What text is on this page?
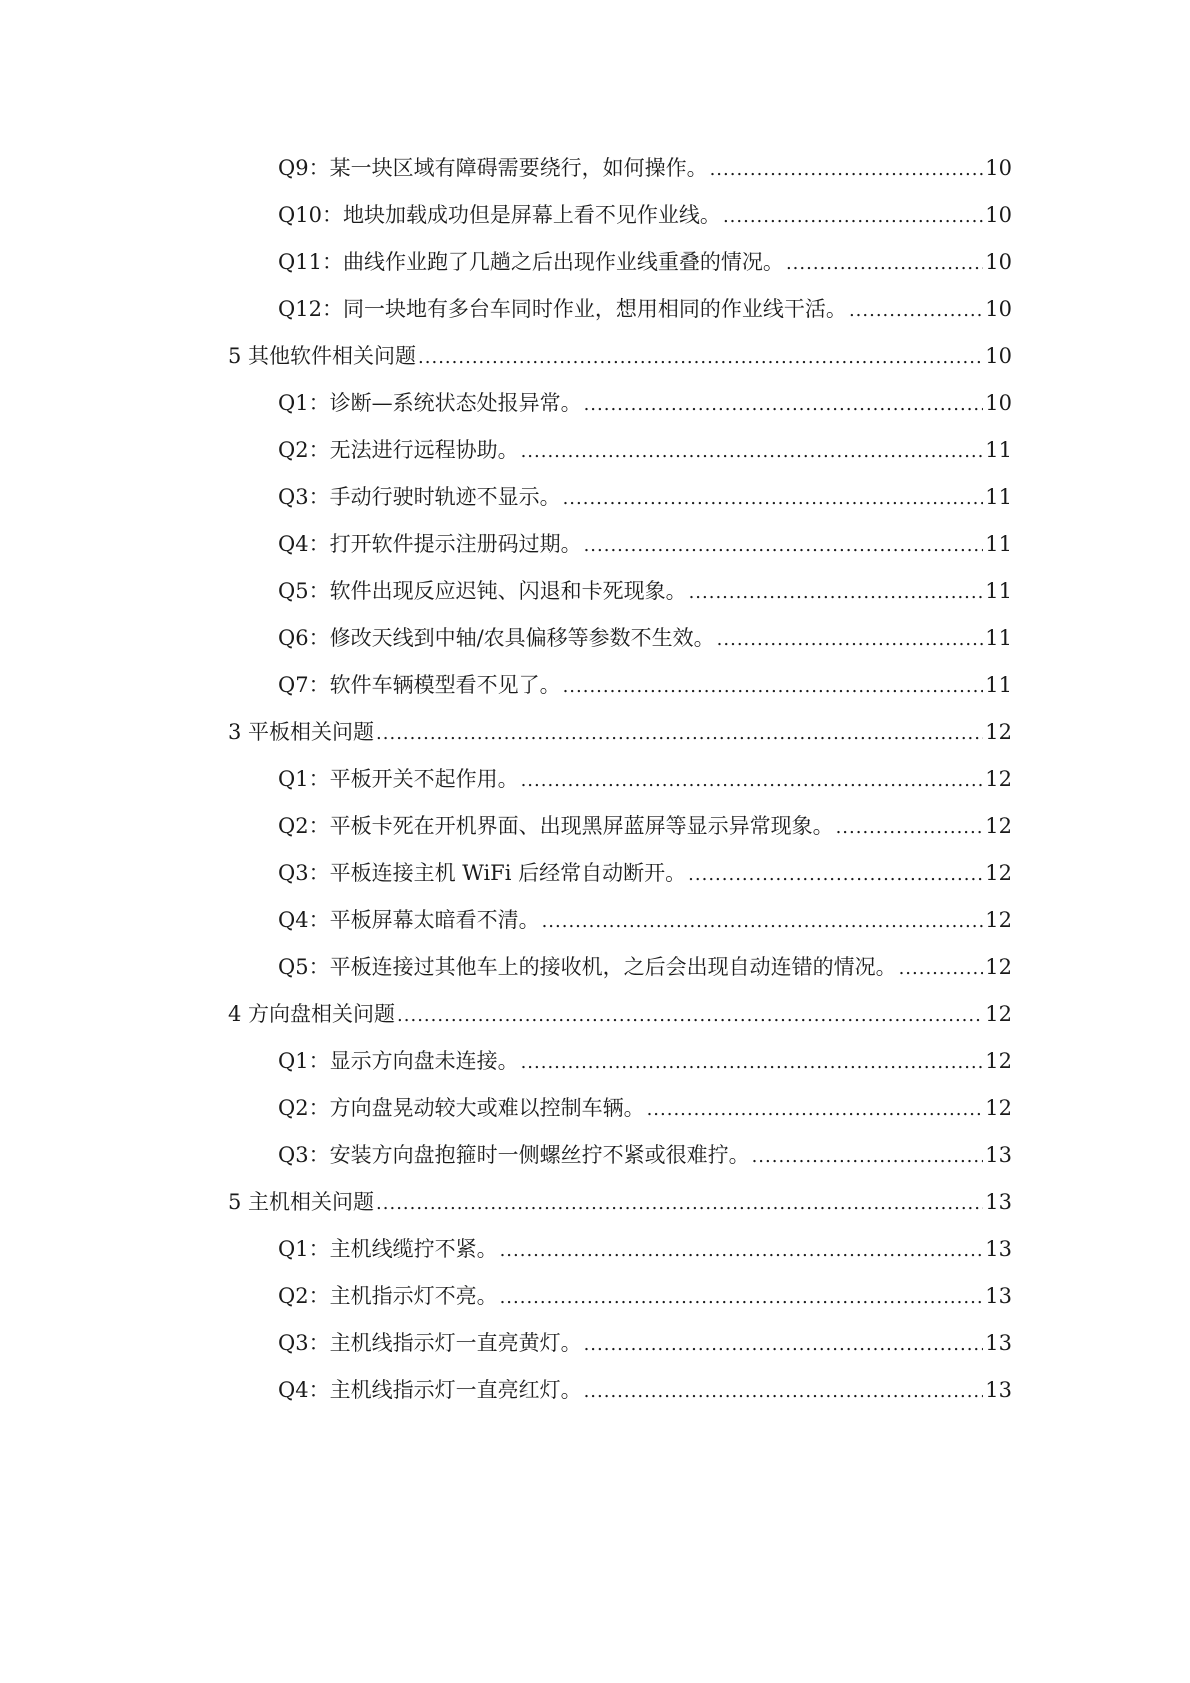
Q9：某一块区域有障碍需要绕行，如何操作。 .....	10
Q10：地块加载成功但是屏幕上看不见作业线。 .....	10
Q11：曲线作业跑了几趟之后出现作业线重叠的情况。 .....	10
Q12：同一块地有多台车同时作业，想用相同的作业线干活。 .....	10
5 其他软件相关问题 .....	10
Q1：诊断—系统状态处报异常。 .....	10
Q2：无法进行远程协助。 .....	11
Q3：手动行驶时轨迹不显示。 .....	11
Q4：打开软件提示注册码过期。 .....	11
Q5：软件出现反应迟钝、闪退和卡死现象。 .....	11
Q6：修改天线到中轴/农具偏移等参数不生效。 .....	11
Q7：软件车辆模型看不见了。 .....	11
3 平板相关问题 .....	12
Q1：平板开关不起作用。 .....	12
Q2：平板卡死在开机界面、出现黑屏蓝屏等显示异常现象。 .....	12
Q3：平板连接主机 WiFi 后经常自动断开。 .....	12
Q4：平板屏幕太暗看不清。 .....	12
Q5：平板连接过其他车上的接收机，之后会出现自动连错的情况。 .....	12
4 方向盘相关问题 .....	12
Q1：显示方向盘未连接。 .....	12
Q2：方向盘晃动较大或难以控制车辆。 .....	12
Q3：安装方向盘抱箍时一侧螺丝拧不紧或很难拧。 .....	13
5 主机相关问题 .....	13
Q1：主机线缆拧不紧。 .....	13
Q2：主机指示灯不亮。 .....	13
Q3：主机线指示灯一直亮黄灯。 .....	13
Q4：主机线指示灯一直亮红灯。 .....	13
